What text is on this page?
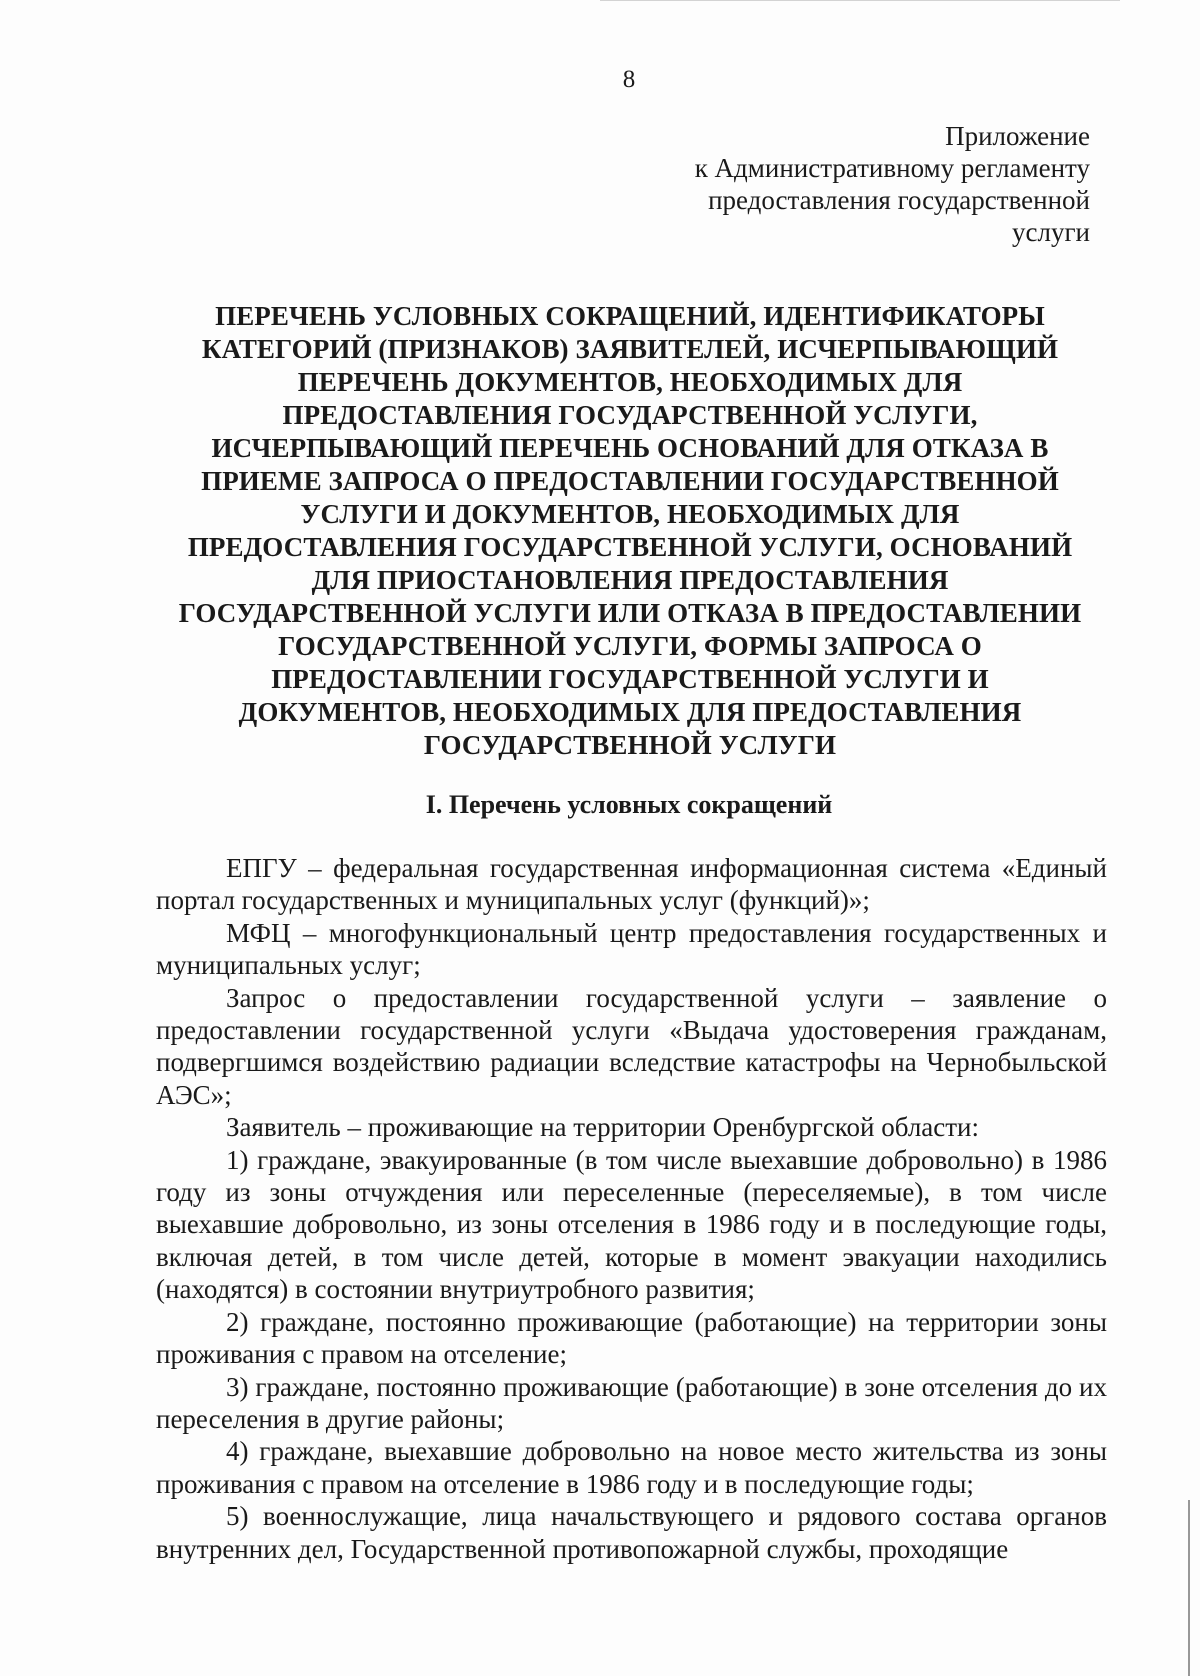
8
Приложение
к Административному регламенту
предоставления государственной
услуги
ПЕРЕЧЕНЬ УСЛОВНЫХ СОКРАЩЕНИЙ, ИДЕНТИФИКАТОРЫ
КАТЕГОРИЙ (ПРИЗНАКОВ) ЗАЯВИТЕЛЕЙ, ИСЧЕРПЫВАЮЩИЙ
ПЕРЕЧЕНЬ ДОКУМЕНТОВ, НЕОБХОДИМЫХ ДЛЯ
ПРЕДОСТАВЛЕНИЯ ГОСУДАРСТВЕННОЙ УСЛУГИ,
ИСЧЕРПЫВАЮЩИЙ ПЕРЕЧЕНЬ ОСНОВАНИЙ ДЛЯ ОТКАЗА В
ПРИЕМЕ ЗАПРОСА О ПРЕДОСТАВЛЕНИИ ГОСУДАРСТВЕННОЙ
УСЛУГИ И ДОКУМЕНТОВ, НЕОБХОДИМЫХ ДЛЯ
ПРЕДОСТАВЛЕНИЯ ГОСУДАРСТВЕННОЙ УСЛУГИ, ОСНОВАНИЙ
ДЛЯ ПРИОСТАНОВЛЕНИЯ ПРЕДОСТАВЛЕНИЯ
ГОСУДАРСТВЕННОЙ УСЛУГИ ИЛИ ОТКАЗА В ПРЕДОСТАВЛЕНИИ
ГОСУДАРСТВЕННОЙ УСЛУГИ, ФОРМЫ ЗАПРОСА О
ПРЕДОСТАВЛЕНИИ ГОСУДАРСТВЕННОЙ УСЛУГИ И
ДОКУМЕНТОВ, НЕОБХОДИМЫХ ДЛЯ ПРЕДОСТАВЛЕНИЯ
ГОСУДАРСТВЕННОЙ УСЛУГИ
I. Перечень условных сокращений

ЕПГУ – федеральная государственная информационная система «Единый портал государственных и муниципальных услуг (функций)»;

МФЦ – многофункциональный центр предоставления государственных и муниципальных услуг;

Запрос о предоставлении государственной услуги – заявление о предоставлении государственной услуги «Выдача удостоверения гражданам, подвергшимся воздействию радиации вследствие катастрофы на Чернобыльской АЭС»;

Заявитель – проживающие на территории Оренбургской области:

1) граждане, эвакуированные (в том числе выехавшие добровольно) в 1986 году из зоны отчуждения или переселенные (переселяемые), в том числе выехавшие добровольно, из зоны отселения в 1986 году и в последующие годы, включая детей, в том числе детей, которые в момент эвакуации находились (находятся) в состоянии внутриутробного развития;

2) граждане, постоянно проживающие (работающие) на территории зоны проживания с правом на отселение;

3) граждане, постоянно проживающие (работающие) в зоне отселения до их переселения в другие районы;

4) граждане, выехавшие добровольно на новое место жительства из зоны проживания с правом на отселение в 1986 году и в последующие годы;

5) военнослужащие, лица начальствующего и рядового состава органов внутренних дел, Государственной противопожарной службы, проходящие
